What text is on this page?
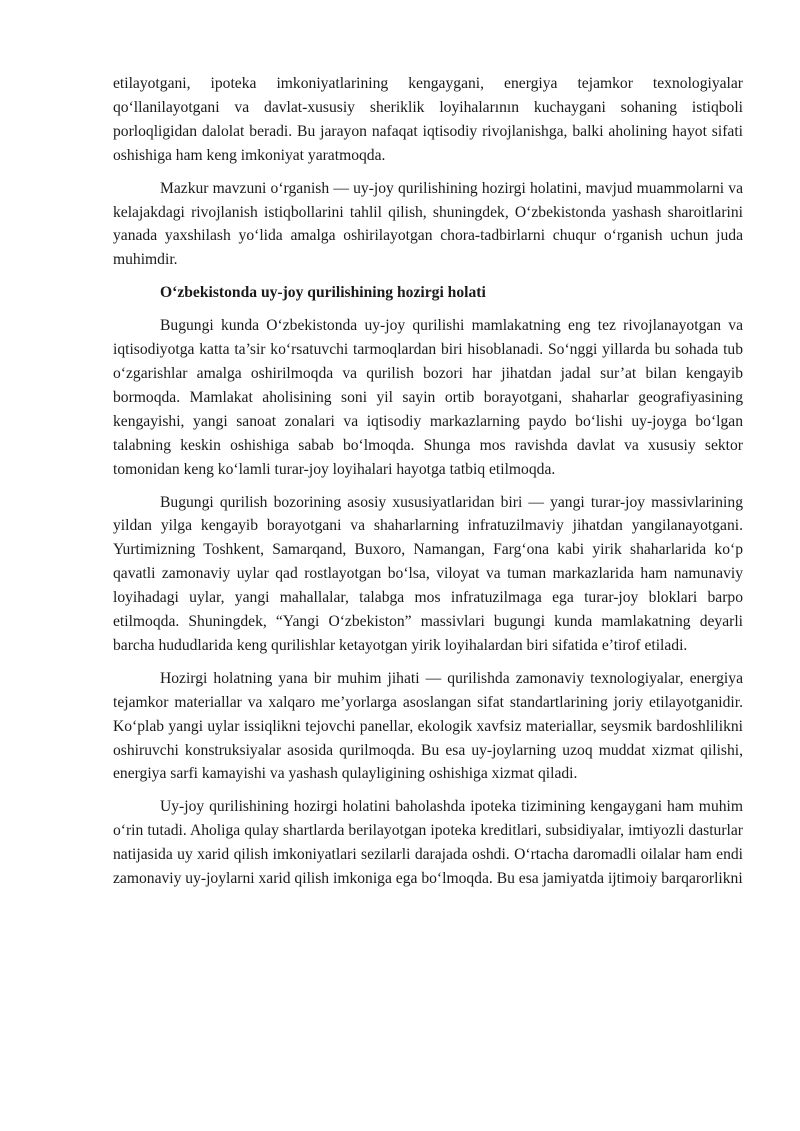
etilayotgani, ipoteka imkoniyatlarining kengaygani, energiya tejamkor texnologiyalar qo‘llanilayotgani va davlat-xususiy sheriklik loyihalarının kuchaygani sohaning istiqboli porloqligidan dalolat beradi. Bu jarayon nafaqat iqtisodiy rivojlanishga, balki aholining hayot sifati oshishiga ham keng imkoniyat yaratmoqda.

Mazkur mavzuni o‘rganish — uy-joy qurilishining hozirgi holatini, mavjud muammolarni va kelajakdagi rivojlanish istiqbollarini tahlil qilish, shuningdek, O‘zbekistonda yashash sharoitlarini yanada yaxshilash yo‘lida amalga oshirilayotgan chora-tadbirlarni chuqur o‘rganish uchun juda muhimdir.

O‘zbekistonda uy-joy qurilishining hozirgi holati

Bugungi kunda O‘zbekistonda uy-joy qurilishi mamlakatning eng tez rivojlanayotgan va iqtisodiyotga katta ta’sir ko‘rsatuvchi tarmoqlardan biri hisoblanadi. So‘nggi yillarda bu sohada tub o‘zgarishlar amalga oshirilmoqda va qurilish bozori har jihatdan jadal sur’at bilan kengayib bormoqda. Mamlakat aholisining soni yil sayin ortib borayotgani, shaharlar geografiyasining kengayishi, yangi sanoat zonalari va iqtisodiy markazlarning paydo bo‘lishi uy-joyga bo‘lgan talabning keskin oshishiga sabab bo‘lmoqda. Shunga mos ravishda davlat va xususiy sektor tomonidan keng ko‘lamli turar-joy loyihalari hayotga tatbiq etilmoqda.

Bugungi qurilish bozorining asosiy xususiyatlaridan biri — yangi turar-joy massivlarining yildan yilga kengayib borayotgani va shaharlarning infratuzilmaviy jihatdan yangilanayotgani. Yurtimizning Toshkent, Samarqand, Buxoro, Namangan, Farg‘ona kabi yirik shaharlarida ko‘p qavatli zamonaviy uylar qad rostlayotgan bo‘lsa, viloyat va tuman markazlarida ham namunaviy loyihadagi uylar, yangi mahallalar, talabga mos infratuzilmaga ega turar-joy bloklari barpo etilmoqda. Shuningdek, “Yangi O‘zbekiston” massivlari bugungi kunda mamlakatning deyarli barcha hududlarida keng qurilishlar ketayotgan yirik loyihalardan biri sifatida e’tirof etiladi.

Hozirgi holatning yana bir muhim jihati — qurilishda zamonaviy texnologiyalar, energiya tejamkor materiallar va xalqaro me’yorlarga asoslangan sifat standartlarining joriy etilayotganidir. Ko‘plab yangi uylar issiqlikni tejovchi panellar, ekologik xavfsiz materiallar, seysmik bardoshlilikni oshiruvchi konstruksiyalar asosida qurilmoqda. Bu esa uy-joylarning uzoq muddat xizmat qilishi, energiya sarfi kamayishi va yashash qulayligining oshishiga xizmat qiladi.

Uy-joy qurilishining hozirgi holatini baholashda ipoteka tizimining kengaygani ham muhim o‘rin tutadi. Aholiga qulay shartlarda berilayotgan ipoteka kreditlari, subsidiyalar, imtiyozli dasturlar natijasida uy xarid qilish imkoniyatlari sezilarli darajada oshdi. O‘rtacha daromadli oilalar ham endi zamonaviy uy-joylarni xarid qilish imkoniga ega bo‘lmoqda. Bu esa jamiyatda ijtimoiy barqarorlikni
